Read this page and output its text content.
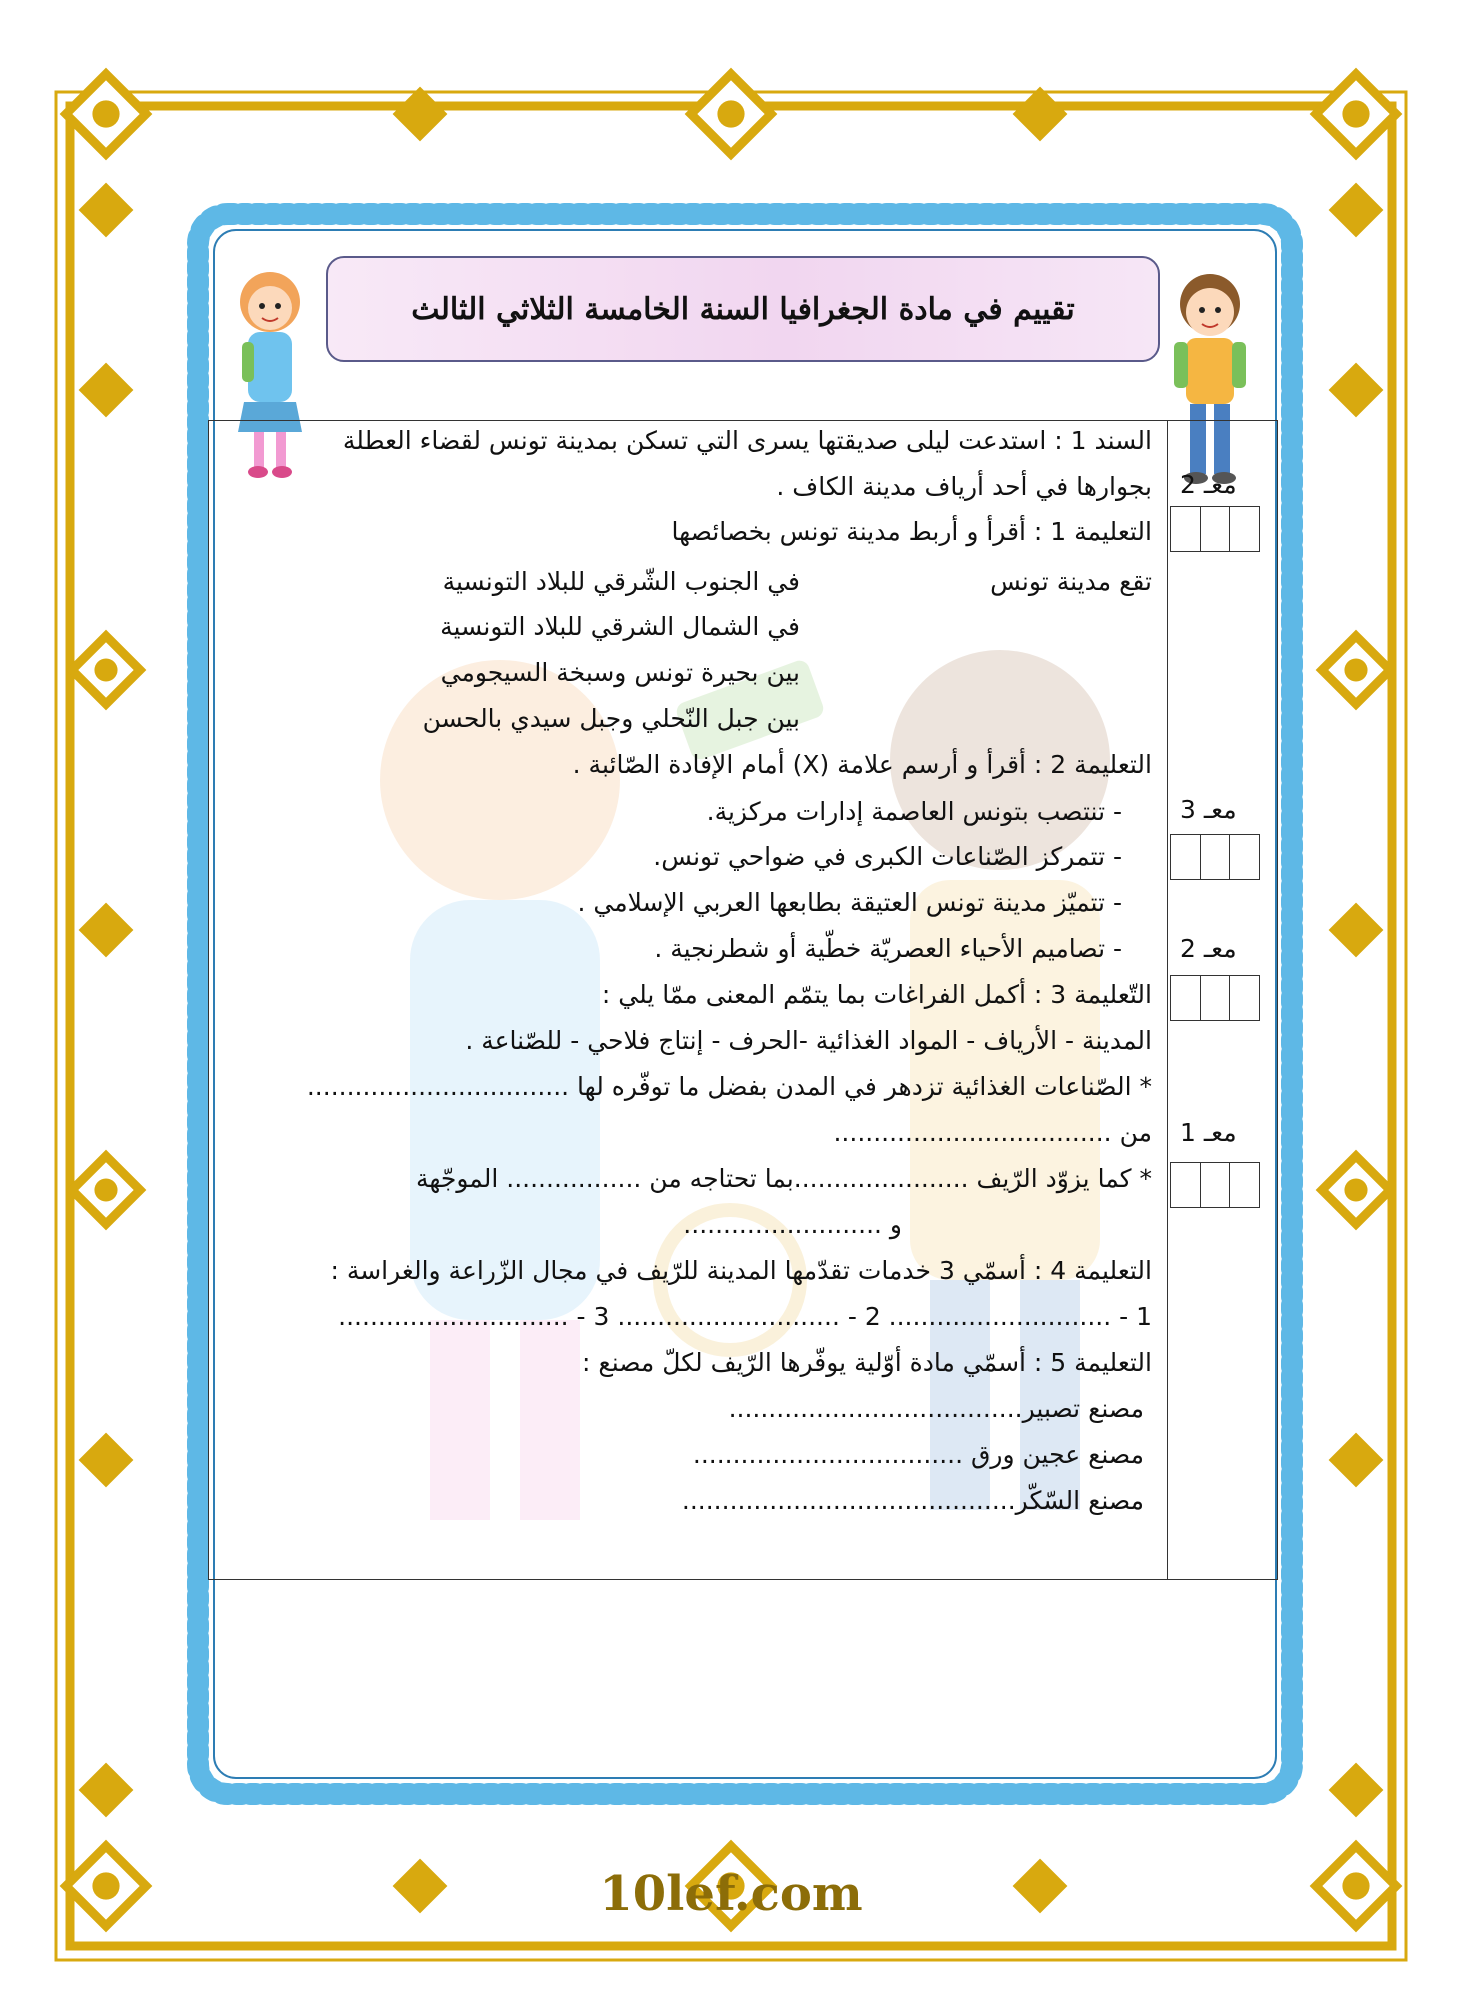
تقييم في مادة الجغرافيا السنة الخامسة الثلاثي الثالث
السند 1 : استدعت ليلى صديقتها يسرى التي تسكن بمدينة تونس لقضاء العطلة
بجوارها في أحد أرياف مدينة الكاف .
التعليمة 1 : أقرأ و أربط مدينة تونس بخصائصها
تقع مدينة تونس
في الجنوب الشّرقي للبلاد التونسية
في الشمال الشرقي للبلاد التونسية
بين بحيرة تونس وسبخة السيجومي
بين جبل النّحلي وجبل سيدي بالحسن
التعليمة 2 : أقرأ و أرسم علامة (X) أمام الإفادة الصّائبة .
- تنتصب بتونس العاصمة إدارات مركزية.
- تتمركز الصّناعات الكبرى في ضواحي تونس.
- تتميّز مدينة تونس العتيقة بطابعها العربي الإسلامي .
- تصاميم الأحياء العصريّة خطّية أو شطرنجية .
التّعليمة 3 : أكمل الفراغات بما يتمّم المعنى ممّا يلي :
المدينة - الأرياف - المواد الغذائية -الحرف - إنتاج فلاحي - للصّناعة .
* الصّناعات الغذائية تزدهر في المدن بفضل ما توفّره لها .................................
من ...................................
* كما يزوّد الرّيف ......................بما تحتاجه من ................. الموجّهة
و .........................
التعليمة 4 : أسمّي 3 خدمات تقدّمها المدينة للرّيف في مجال الزّراعة والغراسة :
1 - ............................ 2 - ............................ 3 - .............................
التعليمة 5 : أسمّي مادة أوّلية يوفّرها الرّيف لكلّ مصنع :
مصنع تصبير.....................................
مصنع عجين ورق ..................................
مصنع السّكّر..........................................
معـ 2
معـ 3
معـ 2
معـ 1
10lef.com
